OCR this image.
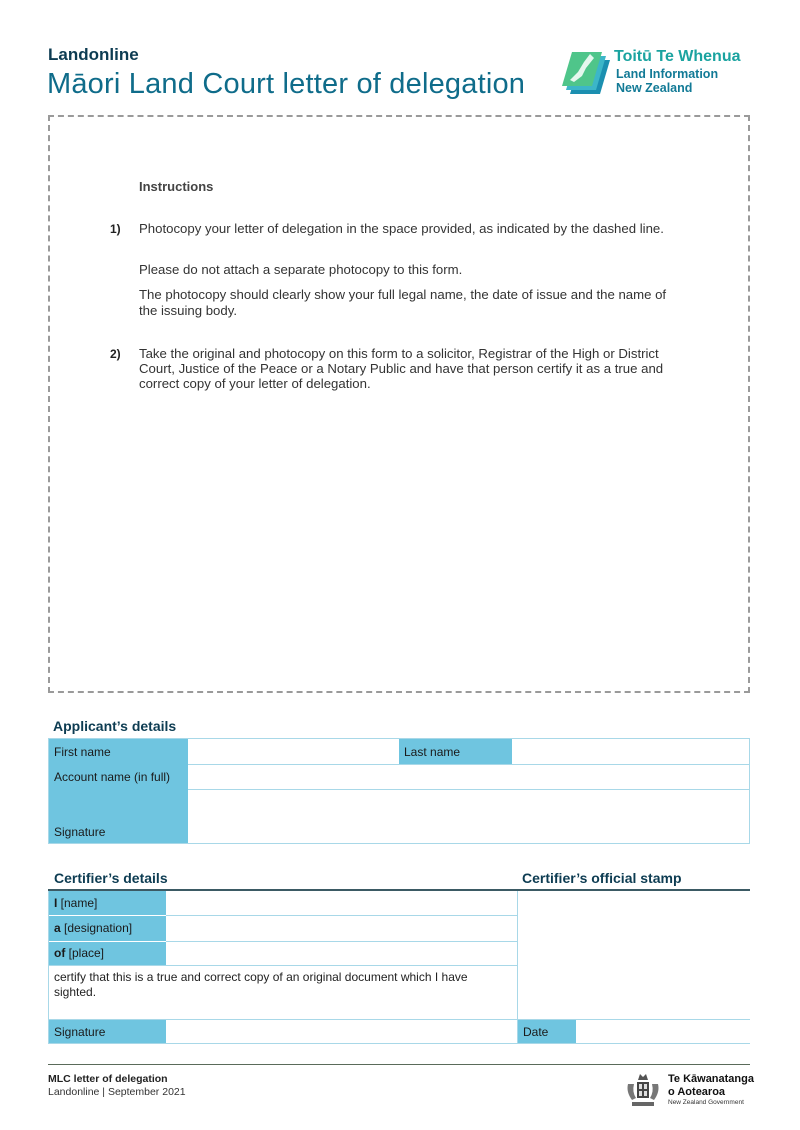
Landonline
Māori Land Court letter of delegation
Toitū Te Whenua
Land Information
New Zealand
Instructions
1) Photocopy your letter of delegation in the space provided, as indicated by the dashed line.
Please do not attach a separate photocopy to this form.
The photocopy should clearly show your full legal name, the date of issue and the name of the issuing body.
2) Take the original and photocopy on this form to a solicitor, Registrar of the High or District Court, Justice of the Peace or a Notary Public and have that person certify it as a true and correct copy of your letter of delegation.
Applicant’s details
First name
Account name (in full)
Signature
Last name
Certifier’s details	Certifier’s official stamp
I [name]
a [designation]
of [place]
certify that this is a true and correct copy of an original document which I have sighted.
Signature	Date
MLC letter of delegation
Landonline | September 2021
Te Kāwanatanga
o Aotearoa
New Zealand Government
